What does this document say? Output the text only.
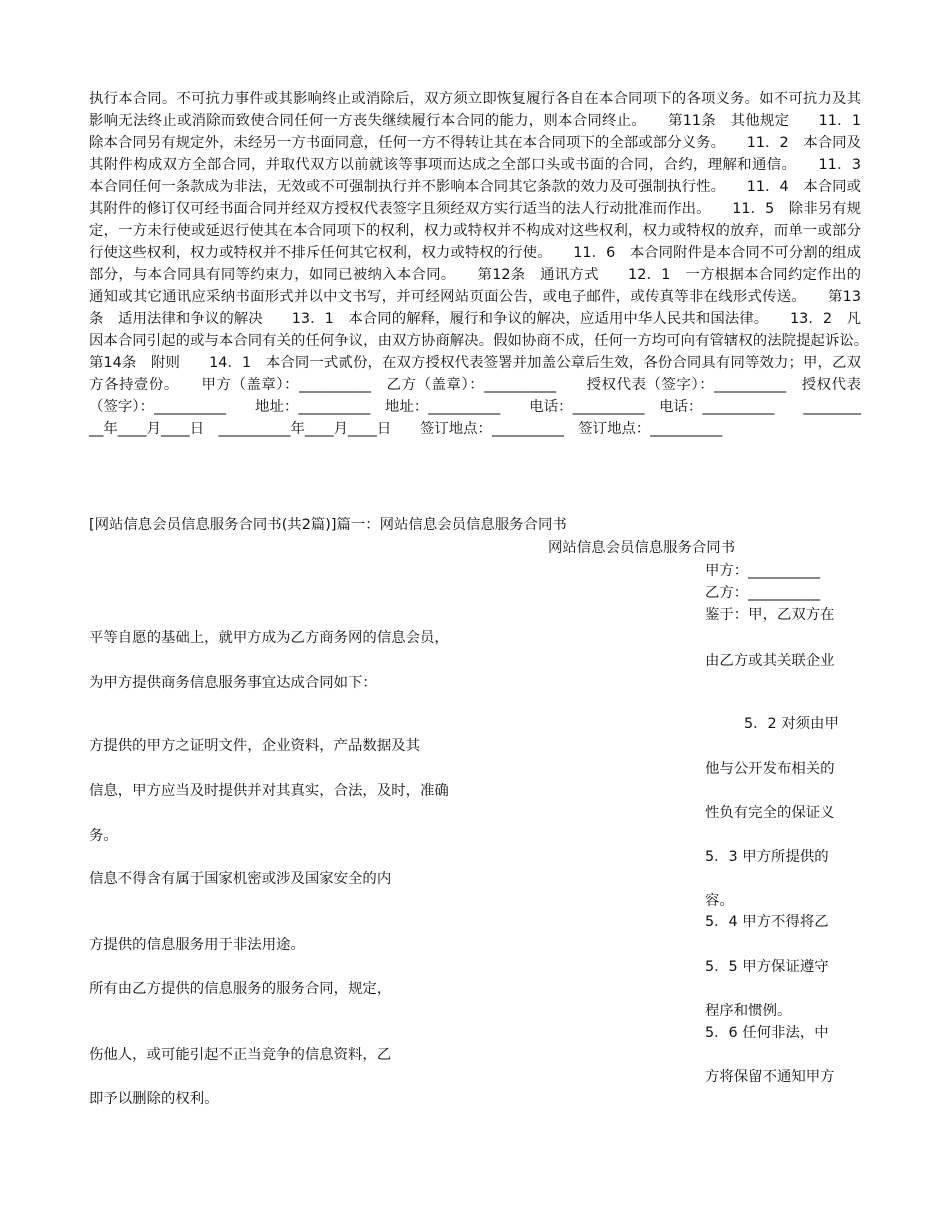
执行本合同。不可抗力事件或其影响终止或消除后，双方须立即恢复履行各自在本合同项下的各项义务。如不可抗力及其影响无法终止或消除而致使合同任何一方丧失继续履行本合同的能力，则本合同终止。　　第11条　其他规定　　11．1　除本合同另有规定外，未经另一方书面同意，任何一方不得转让其在本合同项下的全部或部分义务。　　11．2　本合同及其附件构成双方全部合同，并取代双方以前就该等事项而达成之全部口头或书面的合同，合约，理解和通信。　　11．3　本合同任何一条款成为非法，无效或不可强制执行并不影响本合同其它条款的效力及可强制执行性。　　11．4　本合同或其附件的修订仅可经书面合同并经双方授权代表签字且须经双方实行适当的法人行动批准而作出。　　11．5　除非另有规定，一方未行使或延迟行使其在本合同项下的权利，权力或特权并不构成对这些权利，权力或特权的放弃，而单一或部分行使这些权利，权力或特权并不排斥任何其它权利，权力或特权的行使。　　11．6　本合同附件是本合同不可分割的组成部分，与本合同具有同等约束力，如同已被纳入本合同。　　第12条　通讯方式　　12．1　一方根据本合同约定作出的通知或其它通讯应采纳书面形式并以中文书写，并可经网站页面公告，或电子邮件，或传真等非在线形式传送。　　第13条　适用法律和争议的解决　　13．1　本合同的解释，履行和争议的解决，应适用中华人民共和国法律。　　13．2　凡因本合同引起的或与本合同有关的任何争议，由双方协商解决。假如协商不成，任何一方均可向有管辖权的法院提起诉讼。　　第14条　附则　　14．1　本合同一式贰份，在双方授权代表签署并加盖公章后生效，各份合同具有同等效力；甲，乙双方各持壹份。　　甲方（盖章）：__________　乙方（盖章）：__________　　授权代表（签字）：__________　授权代表（签字）：__________　　地址：__________　地址：__________　　电话：__________　电话：__________　　__________年____月____日　__________年____月____日　　签订地点：__________　签订地点：__________

[网站信息会员信息服务合同书(共2篇)]篇一：网站信息会员信息服务合同书
网站信息会员信息服务合同书
甲方：__________
乙方：__________
鉴于：甲，乙双方在
平等自愿的基础上，就甲方成为乙方商务网的信息会员，
由乙方或其关联企业
为甲方提供商务信息服务事宜达成合同如下：
5．2 对须由甲
方提供的甲方之证明文件，企业资料，产品数据及其
他与公开发布相关的
信息，甲方应当及时提供并对其真实，合法，及时，准确
性负有完全的保证义
务。
5．3 甲方所提供的
信息不得含有属于国家机密或涉及国家安全的内
容。
5．4 甲方不得将乙
方提供的信息服务用于非法用途。
5．5 甲方保证遵守
所有由乙方提供的信息服务的服务合同，规定，
程序和惯例。
5．6 任何非法，中
伤他人，或可能引起不正当竞争的信息资料，乙
方将保留不通知甲方
即予以删除的权利。
